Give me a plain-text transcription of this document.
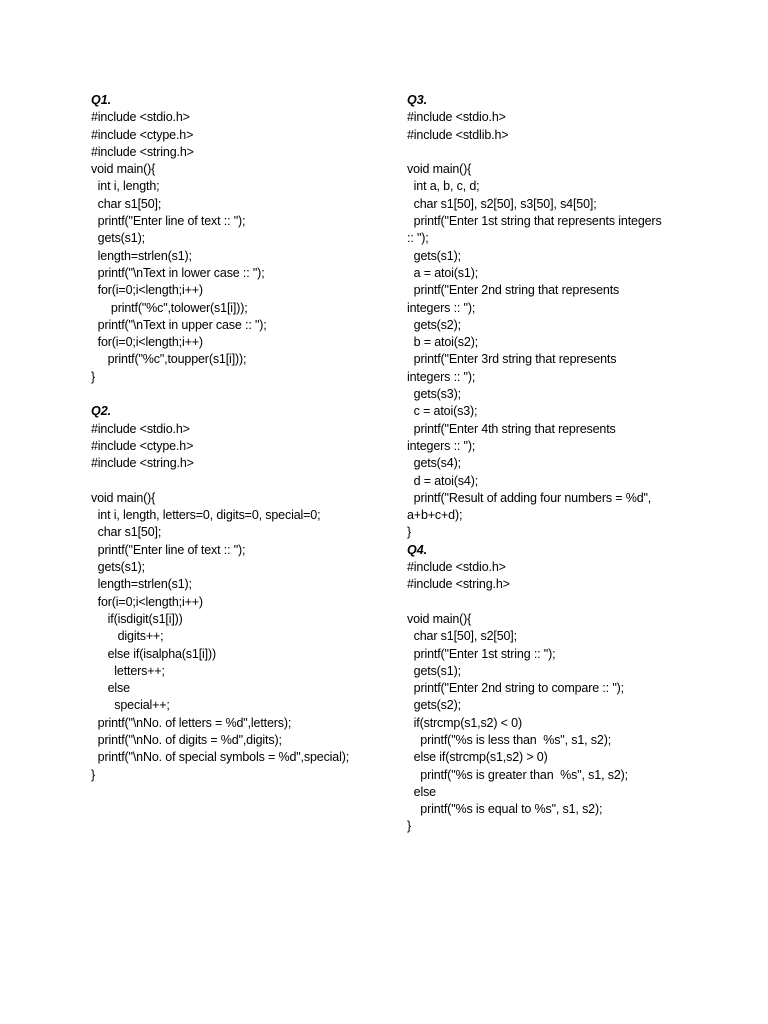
Q1.
#include <stdio.h>
#include <ctype.h>
#include <string.h>
void main(){
int i, length;
char s1[50];
printf("Enter line of text :: ");
gets(s1);
length=strlen(s1);
printf("\nText in lower case :: ");
for(i=0;i<length;i++)
printf("%c",tolower(s1[i]));
printf("\nText in upper case :: ");
for(i=0;i<length;i++)
printf("%c",toupper(s1[i]));
}
Q2.
#include <stdio.h>
#include <ctype.h>
#include <string.h>
void main(){
int i, length, letters=0, digits=0, special=0;
char s1[50];
printf("Enter line of text :: ");
gets(s1);
length=strlen(s1);
for(i=0;i<length;i++)
if(isdigit(s1[i]))
digits++;
else if(isalpha(s1[i]))
letters++;
else
special++;
printf("\nNo. of letters = %d",letters);
printf("\nNo. of digits = %d",digits);
printf("\nNo. of special symbols = %d",special);
}
Q3.
#include <stdio.h>
#include <stdlib.h>
void main(){
int a, b, c, d;
char s1[50], s2[50], s3[50], s4[50];
printf("Enter 1st string that represents integers
:: ");
gets(s1);
a = atoi(s1);
printf("Enter 2nd string that represents
integers :: ");
gets(s2);
b = atoi(s2);
printf("Enter 3rd string that represents
integers :: ");
gets(s3);
c = atoi(s3);
printf("Enter 4th string that represents
integers :: ");
gets(s4);
d = atoi(s4);
printf("Result of adding four numbers = %d",
a+b+c+d);
}
Q4.
#include <stdio.h>
#include <string.h>
void main(){
char s1[50], s2[50];
printf("Enter 1st string :: ");
gets(s1);
printf("Enter 2nd string to compare :: ");
gets(s2);
if(strcmp(s1,s2) < 0)
printf("%s is less than  %s", s1, s2);
else if(strcmp(s1,s2) > 0)
printf("%s is greater than  %s", s1, s2);
else
printf("%s is equal to %s", s1, s2);
}
